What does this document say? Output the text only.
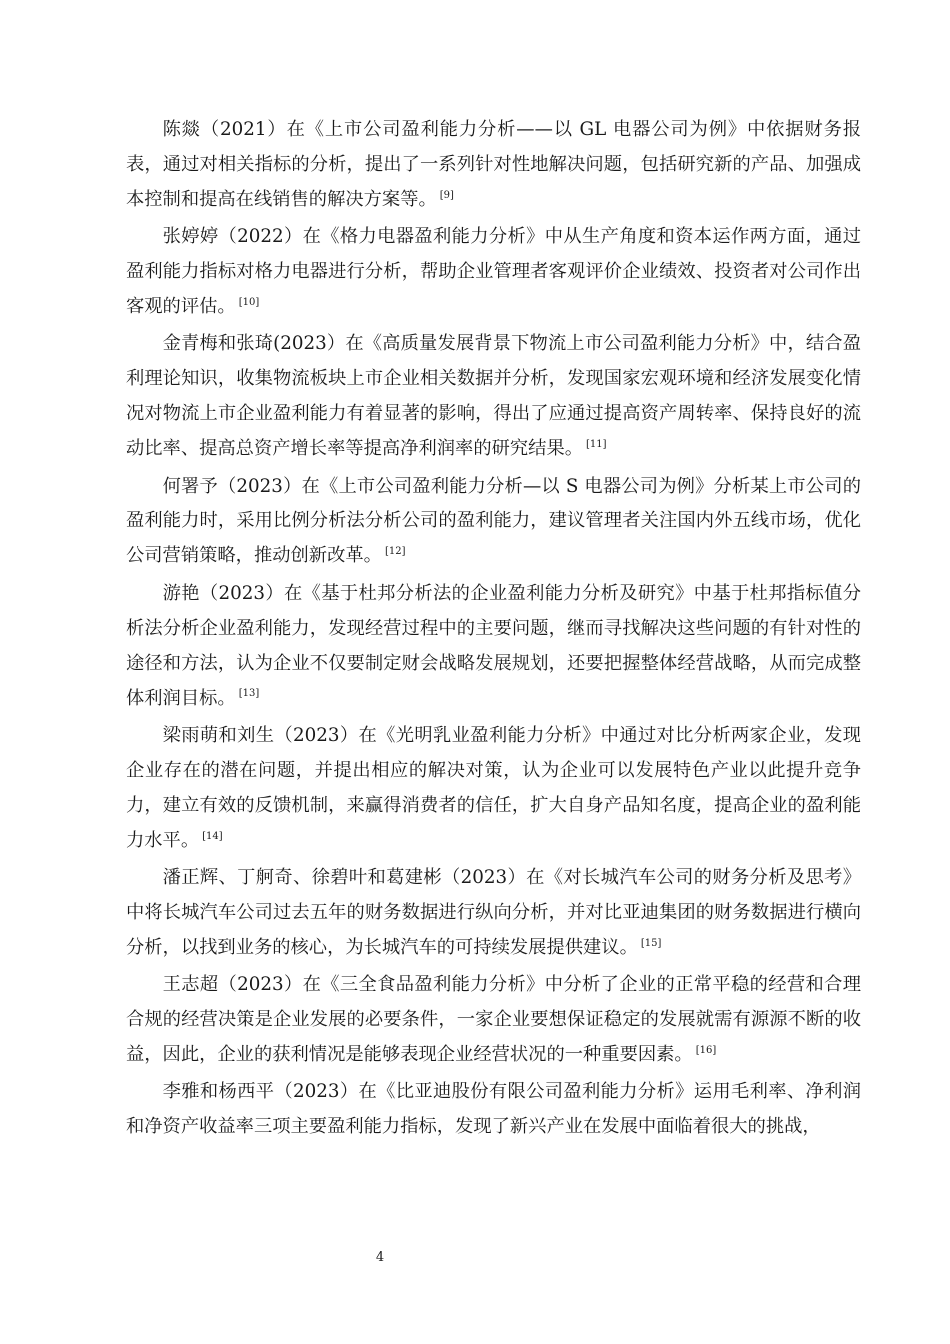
陈燚（2021）在《上市公司盈利能力分析——以 GL 电器公司为例》中依据财务报表，通过对相关指标的分析，提出了一系列针对性地解决问题，包括研究新的产品、加强成本控制和提高在线销售的解决方案等。 [9]

张婷婷（2022）在《格力电器盈利能力分析》中从生产角度和资本运作两方面，通过盈利能力指标对格力电器进行分析，帮助企业管理者客观评价企业绩效、投资者对公司作出客观的评估。 [10]

金青梅和张琦(2023）在《高质量发展背景下物流上市公司盈利能力分析》中，结合盈利理论知识，收集物流板块上市企业相关数据并分析，发现国家宏观环境和经济发展变化情况对物流上市企业盈利能力有着显著的影响，得出了应通过提高资产周转率、保持良好的流动比率、提高总资产增长率等提高净利润率的研究结果。 [11]

何署予（2023）在《上市公司盈利能力分析—以 S 电器公司为例》分析某上市公司的盈利能力时，采用比例分析法分析公司的盈利能力，建议管理者关注国内外五线市场，优化公司营销策略，推动创新改革。 [12]

游艳（2023）在《基于杜邦分析法的企业盈利能力分析及研究》中基于杜邦指标值分析法分析企业盈利能力，发现经营过程中的主要问题，继而寻找解决这些问题的有针对性的途径和方法，认为企业不仅要制定财会战略发展规划，还要把握整体经营战略，从而完成整体利润目标。 [13]

梁雨萌和刘生（2023）在《光明乳业盈利能力分析》中通过对比分析两家企业，发现企业存在的潜在问题，并提出相应的解决对策，认为企业可以发展特色产业以此提升竞争力，建立有效的反馈机制，来赢得消费者的信任，扩大自身产品知名度，提高企业的盈利能力水平。 [14]

潘正辉、丁舸奇、徐碧叶和葛建彬（2023）在《对长城汽车公司的财务分析及思考》中将长城汽车公司过去五年的财务数据进行纵向分析，并对比亚迪集团的财务数据进行横向分析，以找到业务的核心，为长城汽车的可持续发展提供建议。 [15]

王志超（2023）在《三全食品盈利能力分析》中分析了企业的正常平稳的经营和合理合规的经营决策是企业发展的必要条件，一家企业要想保证稳定的发展就需有源源不断的收益，因此，企业的获利情况是能够表现企业经营状况的一种重要因素。 [16]

李雅和杨西平（2023）在《比亚迪股份有限公司盈利能力分析》运用毛利率、净利润和净资产收益率三项主要盈利能力指标，发现了新兴产业在发展中面临着很大的挑战，

4
